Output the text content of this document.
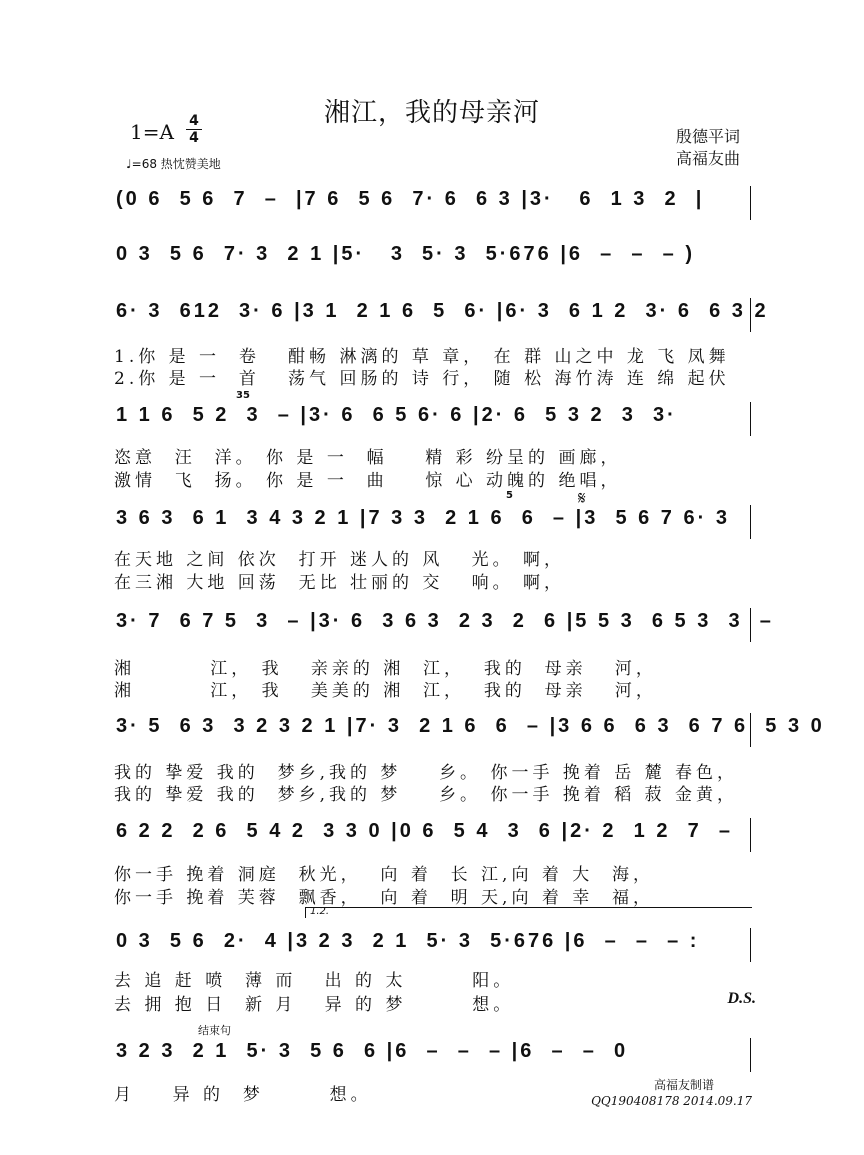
湘江，我的母亲河
1=A 4
4	殷德平词
高福友曲
♩=68 热忱赞美地
(0 6  5 6  7  –  |7 6  5 6  7· 6  6 3 |3·   6  1 3  2  |
0 3  5 6  7· 3  2 1 |5·   3  5· 3  5·676 |6  –  –  – )
6· 3  612  3· 6 |3 1  2 1 6  5  6· |6· 3  6 1 2  3· 6  6 3 2
1.你 是 一  卷   酣畅 淋漓的 草 章， 在 群 山之中 龙 飞 凤舞
2.你 是 一  首   荡气 回肠的 诗 行， 随 松 海竹涛 连 绵 起伏
1 1 6  5 2  3  – |3· 6  6 5 6· 6 |2· 6  5 3 2  3  3·
恣意  汪  洋。 你 是 一  幅    精 彩 纷呈的 画廊，
激情  飞  扬。 你 是 一  曲    惊 心 动魄的 绝唱，
3 6 3  6 1  3 4 3 2 1 |7 3 3  2 1 6  6  – |3  5 6 7 6· 3
在天地 之间 依次  打开 迷人的 风   光。 啊，
在三湘 大地 回荡  无比 壮丽的 交   响。 啊，
3· 7  6 7 5  3  – |3· 6  3 6 3  2 3  2  6 |5 5 3  6 5 3  3  –
湘        江， 我   亲亲的 湘  江，  我的  母亲   河，
湘        江， 我   美美的 湘  江，  我的  母亲   河，
3· 5  6 3  3 2 3 2 1 |7· 3  2 1 6  6  – |3 6 6  6 3  6 7 6  5 3 0
我的 挚爱 我的  梦乡,我的 梦    乡。 你一手 挽着 岳 麓 春色，
我的 挚爱 我的  梦乡,我的 梦    乡。 你一手 挽着 稻 菽 金黄，
6 2 2  2 6  5 4 2  3 3 0 |0 6  5 4  3  6 |2· 2  1 2  7  –
你一手 挽着 洞庭  秋光，  向 着  长 江,向 着 大  海，
你一手 挽着 芙蓉  飘香，  向 着  明 天,向 着 幸  福，
1.2.
0 3  5 6  2·  4 |3 2 3  2 1  5· 3  5·676 |6  –  –  – :
去 追 赶 喷  薄 而   出 的 太       阳。
去 拥 抱 日  新 月   异 的 梦       想。	D.S.
结束句
3 2 3  2 1  5· 3  5 6  6 |6  –  –  – |6  –  –  0
月    异 的  梦       想。
𝄋
35
5
高福友制谱
QQ190408178 2014.09.17
